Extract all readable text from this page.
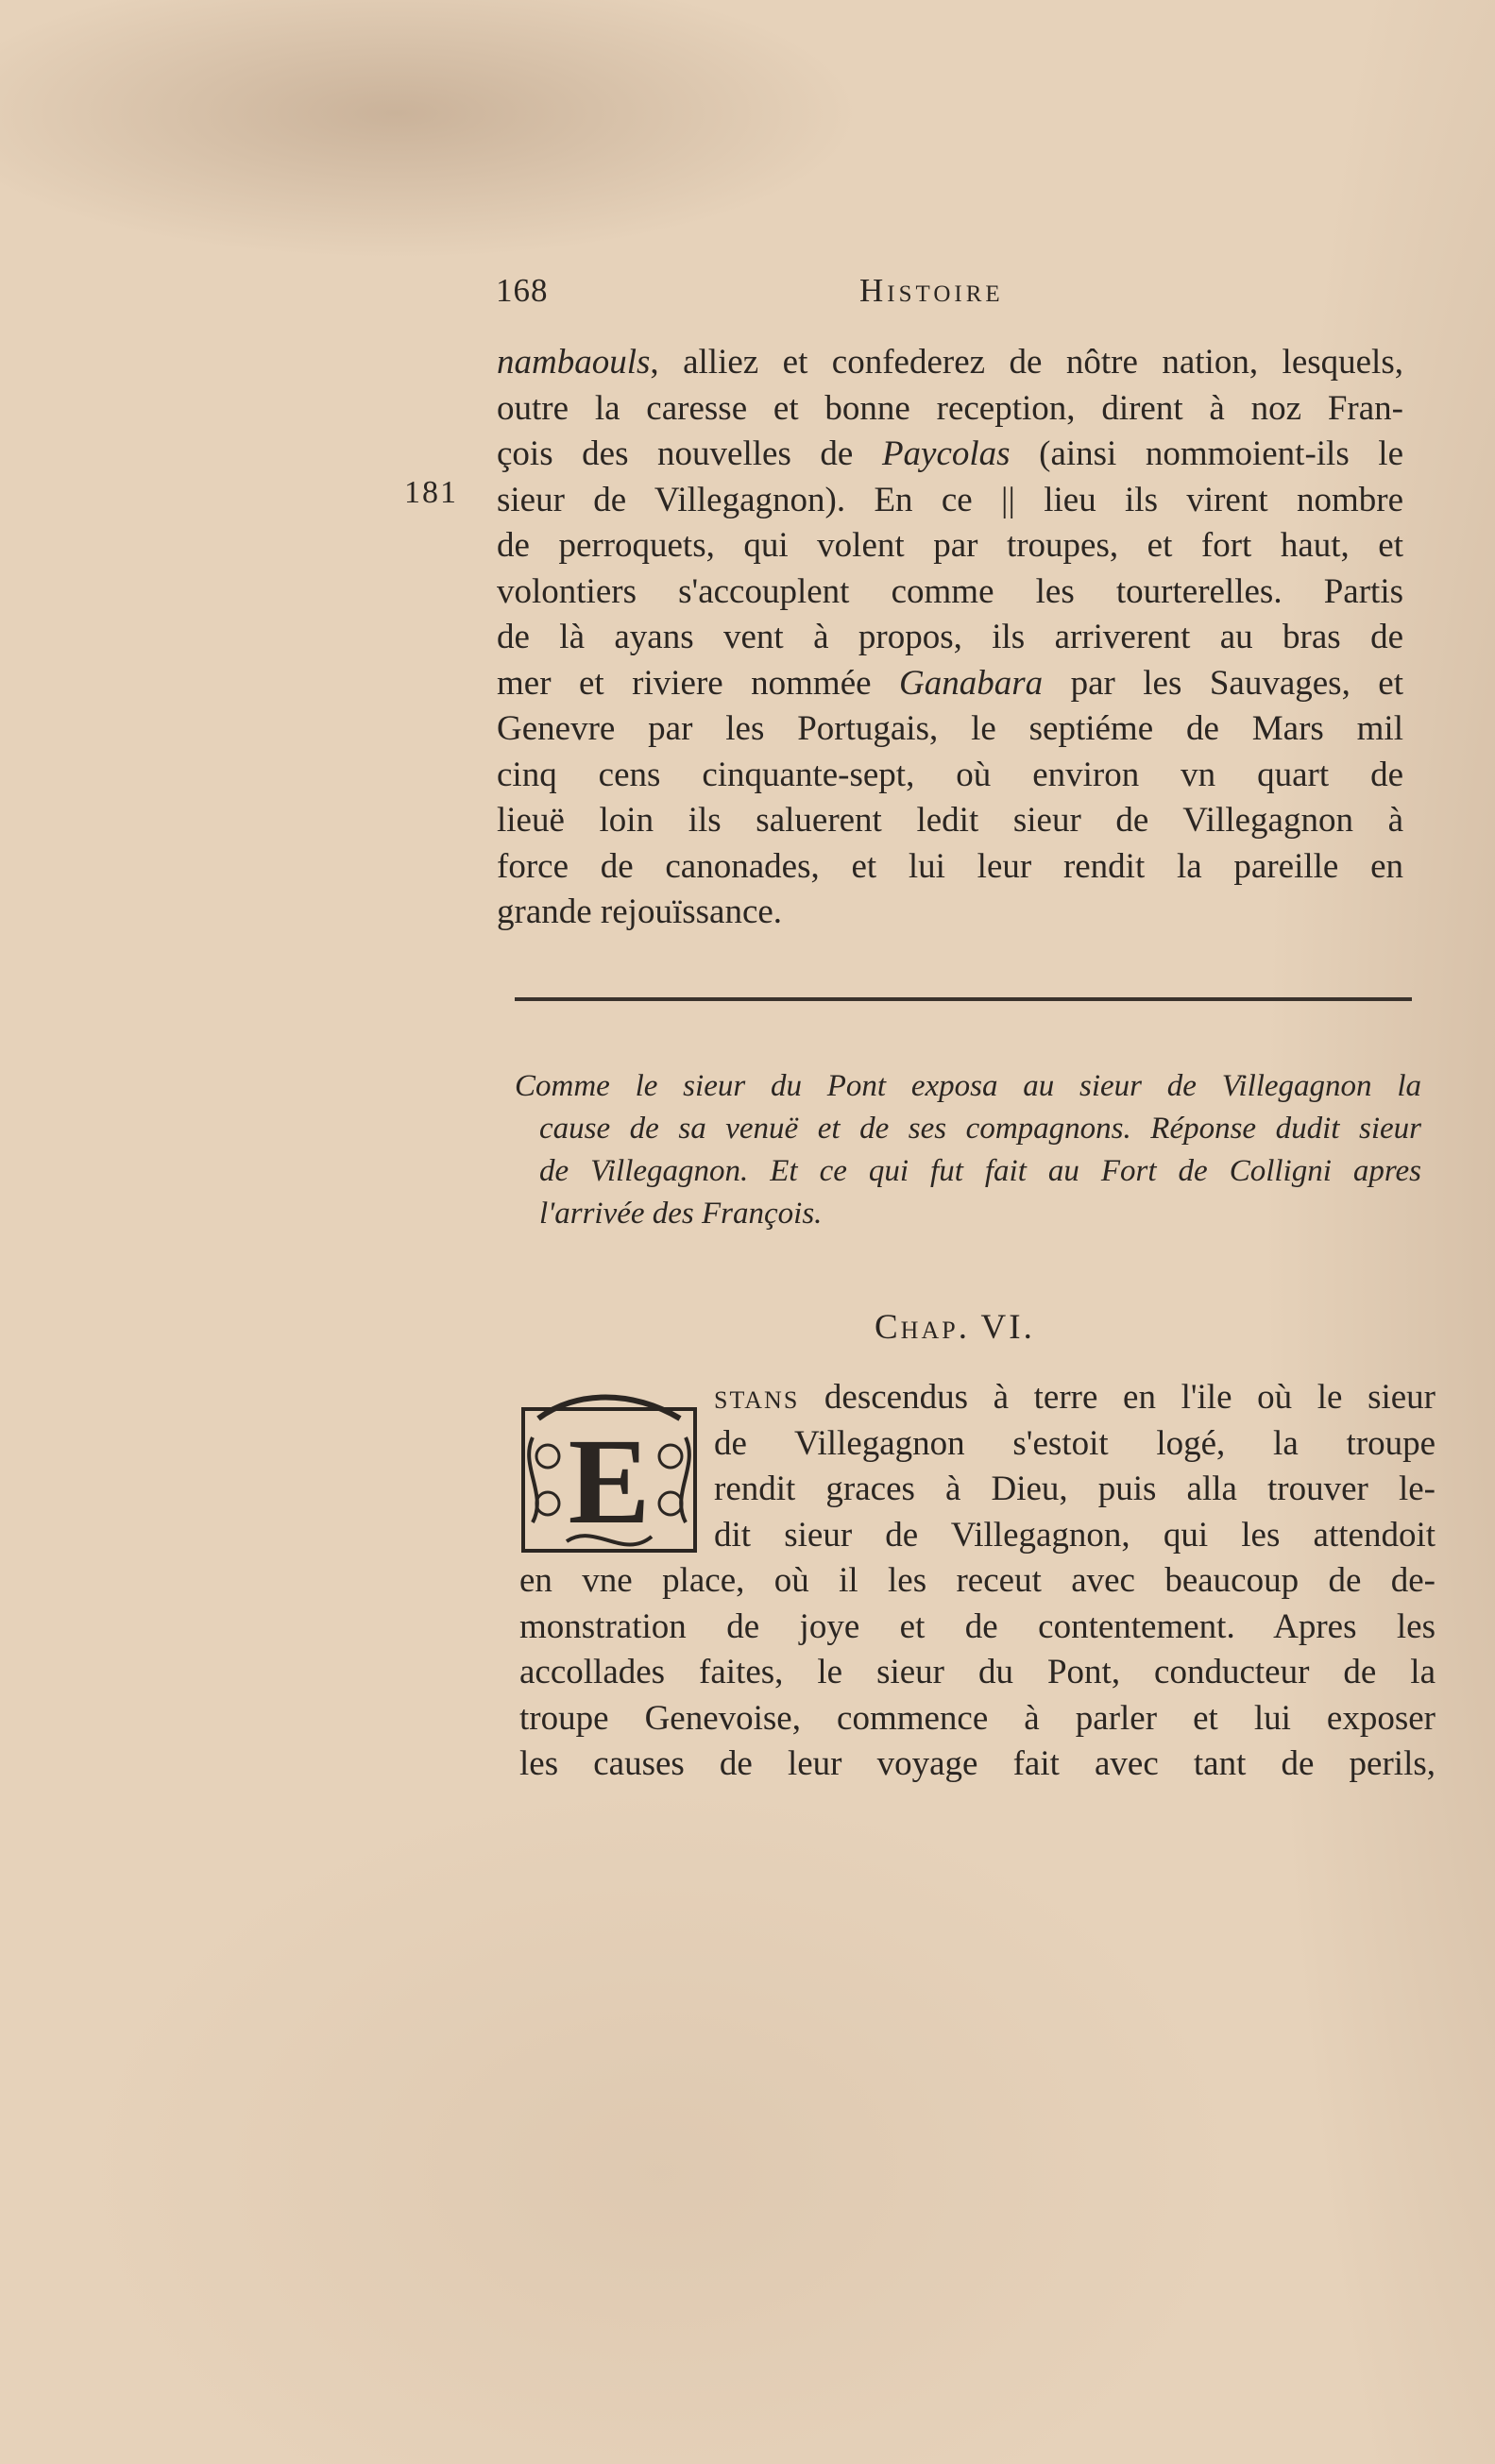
168	Histoire
181
nambaouls, alliez et confederez de nôtre nation, lesquels,
outre la caresse et bonne reception, dirent à noz Fran-
çois des nouvelles de Paycolas (ainsi nommoient-ils le
sieur de Villegagnon). En ce || lieu ils virent nombre
de perroquets, qui volent par troupes, et fort haut, et
volontiers s'accouplent comme les tourterelles. Partis
de là ayans vent à propos, ils arriverent au bras de
mer et riviere nommée Ganabara par les Sauvages, et
Genevre par les Portugais, le septiéme de Mars mil
cinq cens cinquante-sept, où environ vn quart de
lieuë loin ils saluerent ledit sieur de Villegagnon à
force de canonades, et lui leur rendit la pareille en
grande rejouïssance.
Comme le sieur du Pont exposa au sieur de Villegagnon la
cause de sa venuë et de ses compagnons. Réponse dudit sieur
de Villegagnon. Et ce qui fut fait au Fort de Colligni apres
l'arrivée des François.
Chap. VI.
E
stans descendus à terre en l'ile où le sieur
de Villegagnon s'estoit logé, la troupe
rendit graces à Dieu, puis alla trouver le-
dit sieur de Villegagnon, qui les attendoit
en vne place, où il les receut avec beaucoup de de-
monstration de joye et de contentement. Apres les
accollades faites, le sieur du Pont, conducteur de la
troupe Genevoise, commence à parler et lui exposer
les causes de leur voyage fait avec tant de perils,
